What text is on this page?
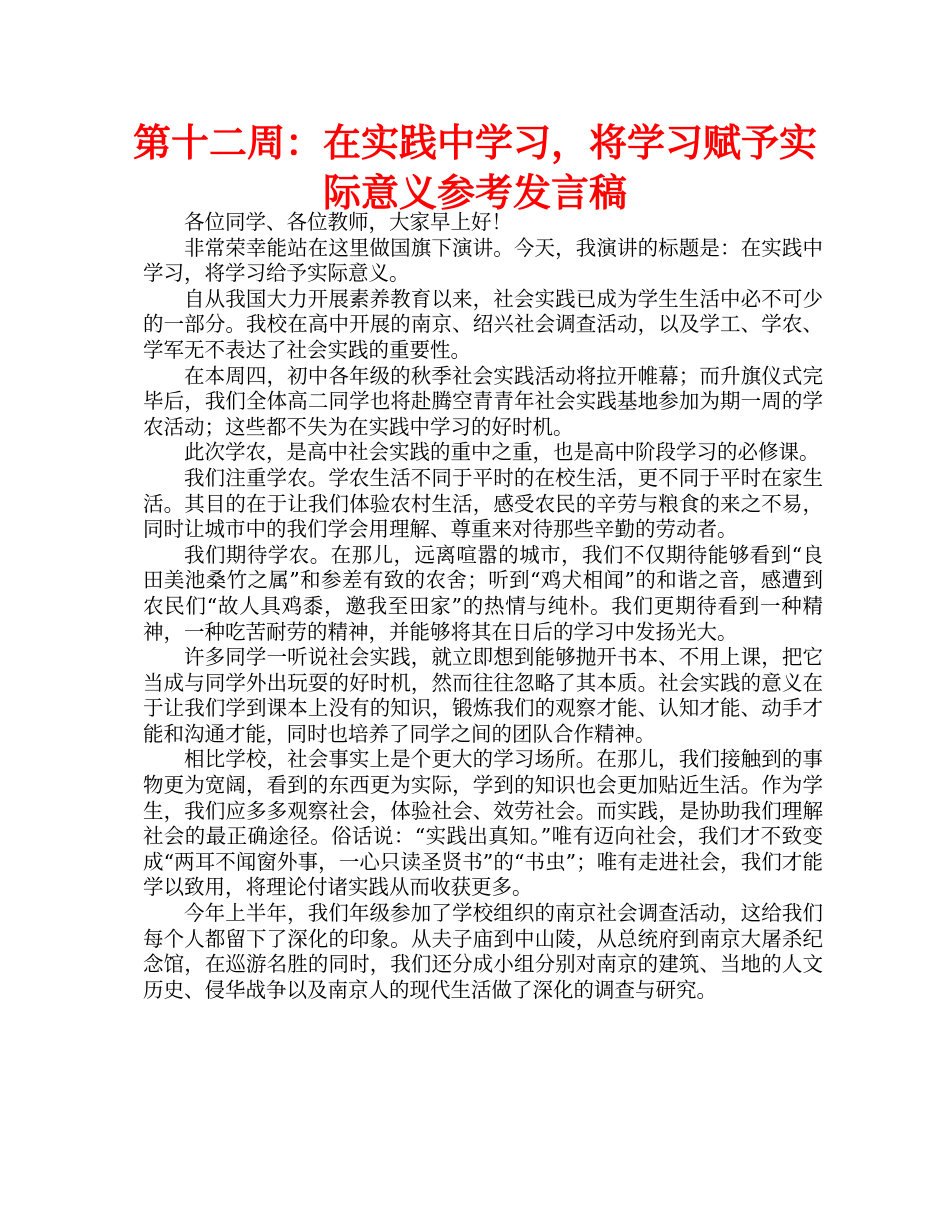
第十二周：在实践中学习，将学习赋予实际意义参考发言稿

各位同学、各位教师，大家早上好！

非常荣幸能站在这里做国旗下演讲。今天，我演讲的标题是：在实践中学习，将学习给予实际意义。

自从我国大力开展素养教育以来，社会实践已成为学生生活中必不可少的一部分。我校在高中开展的南京、绍兴社会调查活动，以及学工、学农、学军无不表达了社会实践的重要性。

在本周四，初中各年级的秋季社会实践活动将拉开帷幕；而升旗仪式完毕后，我们全体高二同学也将赴腾空青青年社会实践基地参加为期一周的学农活动；这些都不失为在实践中学习的好时机。

此次学农，是高中社会实践的重中之重，也是高中阶段学习的必修课。

我们注重学农。学农生活不同于平时的在校生活，更不同于平时在家生活。其目的在于让我们体验农村生活，感受农民的辛劳与粮食的来之不易，同时让城市中的我们学会用理解、尊重来对待那些辛勤的劳动者。

我们期待学农。在那儿，远离喧嚣的城市，我们不仅期待能够看到“良田美池桑竹之属”和参差有致的农舍；听到“鸡犬相闻”的和谐之音，感遭到农民们“故人具鸡黍，邀我至田家”的热情与纯朴。我们更期待看到一种精神，一种吃苦耐劳的精神，并能够将其在日后的学习中发扬光大。

许多同学一听说社会实践，就立即想到能够抛开书本、不用上课，把它当成与同学外出玩耍的好时机，然而往往忽略了其本质。社会实践的意义在于让我们学到课本上没有的知识，锻炼我们的观察才能、认知才能、动手才能和沟通才能，同时也培养了同学之间的团队合作精神。

相比学校，社会事实上是个更大的学习场所。在那儿，我们接触到的事物更为宽阔，看到的东西更为实际，学到的知识也会更加贴近生活。作为学生，我们应多多观察社会，体验社会、效劳社会。而实践，是协助我们理解社会的最正确途径。俗话说：“实践出真知。”唯有迈向社会，我们才不致变成“两耳不闻窗外事，一心只读圣贤书”的“书虫”；唯有走进社会，我们才能学以致用，将理论付诸实践从而收获更多。

今年上半年，我们年级参加了学校组织的南京社会调查活动，这给我们每个人都留下了深化的印象。从夫子庙到中山陵，从总统府到南京大屠杀纪念馆，在巡游名胜的同时，我们还分成小组分别对南京的建筑、当地的人文历史、侵华战争以及南京人的现代生活做了深化的调查与研究。
